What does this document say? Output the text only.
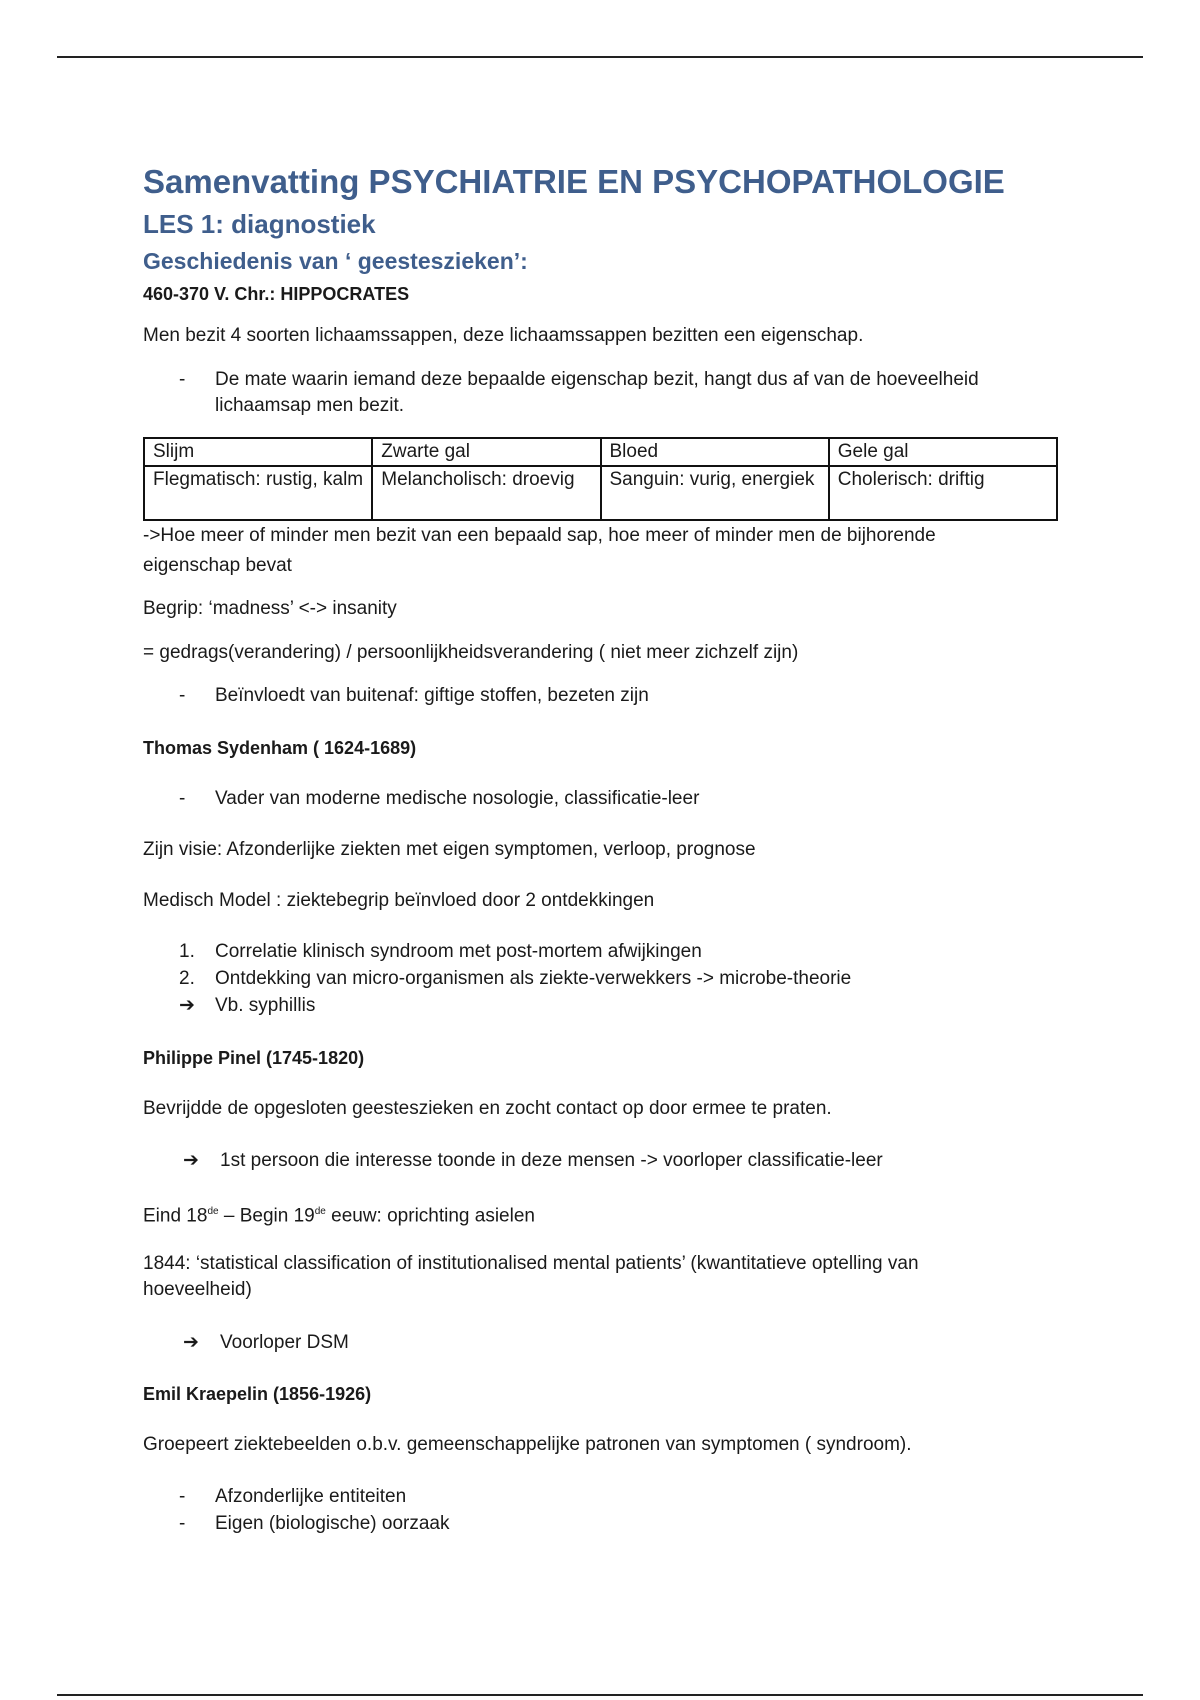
Samenvatting PSYCHIATRIE EN PSYCHOPATHOLOGIE
LES 1: diagnostiek
Geschiedenis van ‘ geesteszieken’:

460-370 V. Chr.: HIPPOCRATES

Men bezit 4 soorten lichaamssappen, deze lichaamssappen bezitten een eigenschap.

- De mate waarin iemand deze bepaalde eigenschap bezit, hangt dus af van de hoeveelheid lichaamsap men bezit.
Slijm	Zwarte gal	Bloed	Gele gal
Flegmatisch: rustig, kalm	Melancholisch: droevig	Sanguin: vurig, energiek	Cholerisch: driftig

->Hoe meer of minder men bezit van een bepaald sap, hoe meer of minder men de bijhorende eigenschap bevat

Begrip: ‘madness’ <-> insanity

= gedrags(verandering) / persoonlijkheidsverandering ( niet meer zichzelf zijn)

- Beïnvloedt van buitenaf: giftige stoffen, bezeten zijn

Thomas Sydenham ( 1624-1689)

- Vader van moderne medische nosologie, classificatie-leer

Zijn visie: Afzonderlijke ziekten met eigen symptomen, verloop, prognose

Medisch Model : ziektebegrip beïnvloed door 2 ontdekkingen

1. Correlatie klinisch syndroom met post-mortem afwijkingen
2. Ontdekking van micro-organismen als ziekte-verwekkers -> microbe-theorie
➔ Vb. syphillis

Philippe Pinel (1745-1820)

Bevrijdde de opgesloten geesteszieken en zocht contact op door ermee te praten.

➔ 1st persoon die interesse toonde in deze mensen -> voorloper classificatie-leer

Eind 18de – Begin 19de eeuw: oprichting asielen

1844: ‘statistical classification of institutionalised mental patients’ (kwantitatieve optelling van hoeveelheid)

➔ Voorloper DSM

Emil Kraepelin (1856-1926)

Groepeert ziektebeelden o.b.v. gemeenschappelijke patronen van symptomen ( syndroom).

- Afzonderlijke entiteiten
- Eigen (biologische) oorzaak
